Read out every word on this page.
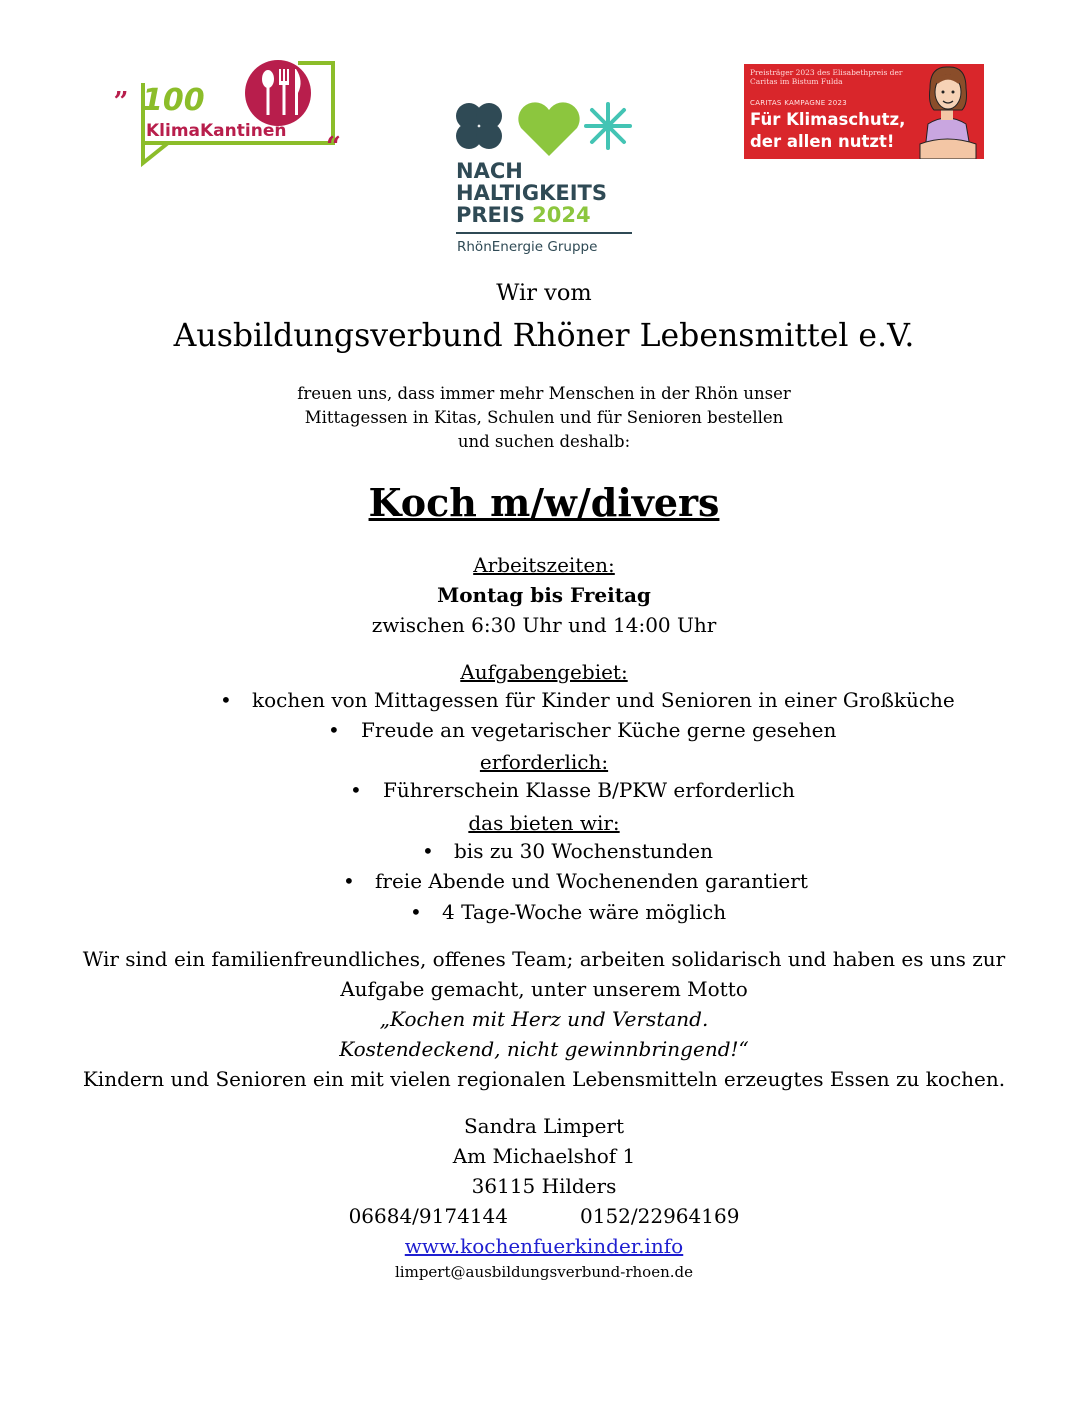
„
“
100
KlimaKantinen
NACH
HALTIGKEITS
PREIS 2024
RhönEnergie Gruppe
Preisträger 2023 des Elisabethpreis der
Caritas im Bistum Fulda
CARITAS KAMPAGNE 2023
Für Klimaschutz,
der allen nutzt!
Wir vom
Ausbildungsverbund Rhöner Lebensmittel e.V.
freuen uns, dass immer mehr Menschen in der Rhön unser
Mittagessen in Kitas, Schulen und für Senioren bestellen
und suchen deshalb:
Koch m/w/divers
Arbeitszeiten:
Montag bis Freitag
zwischen 6:30 Uhr und 14:00 Uhr
Aufgabengebiet:
• kochen von Mittagessen für Kinder und Senioren in einer Großküche
• Freude an vegetarischer Küche gerne gesehen
erforderlich:
• Führerschein Klasse B/PKW erforderlich
das bieten wir:
• bis zu 30 Wochenstunden
• freie Abende und Wochenenden garantiert
• 4 Tage-Woche wäre möglich
Wir sind ein familienfreundliches, offenes Team; arbeiten solidarisch und haben es uns zur
Aufgabe gemacht, unter unserem Motto
„Kochen mit Herz und Verstand.
Kostendeckend, nicht gewinnbringend!“
Kindern und Senioren ein mit vielen regionalen Lebensmitteln erzeugtes Essen zu kochen.
Sandra Limpert
Am Michaelshof 1
36115 Hilders
06684/9174144	0152/22964169
www.kochenfuerkinder.info
limpert@ausbildungsverbund-rhoen.de
